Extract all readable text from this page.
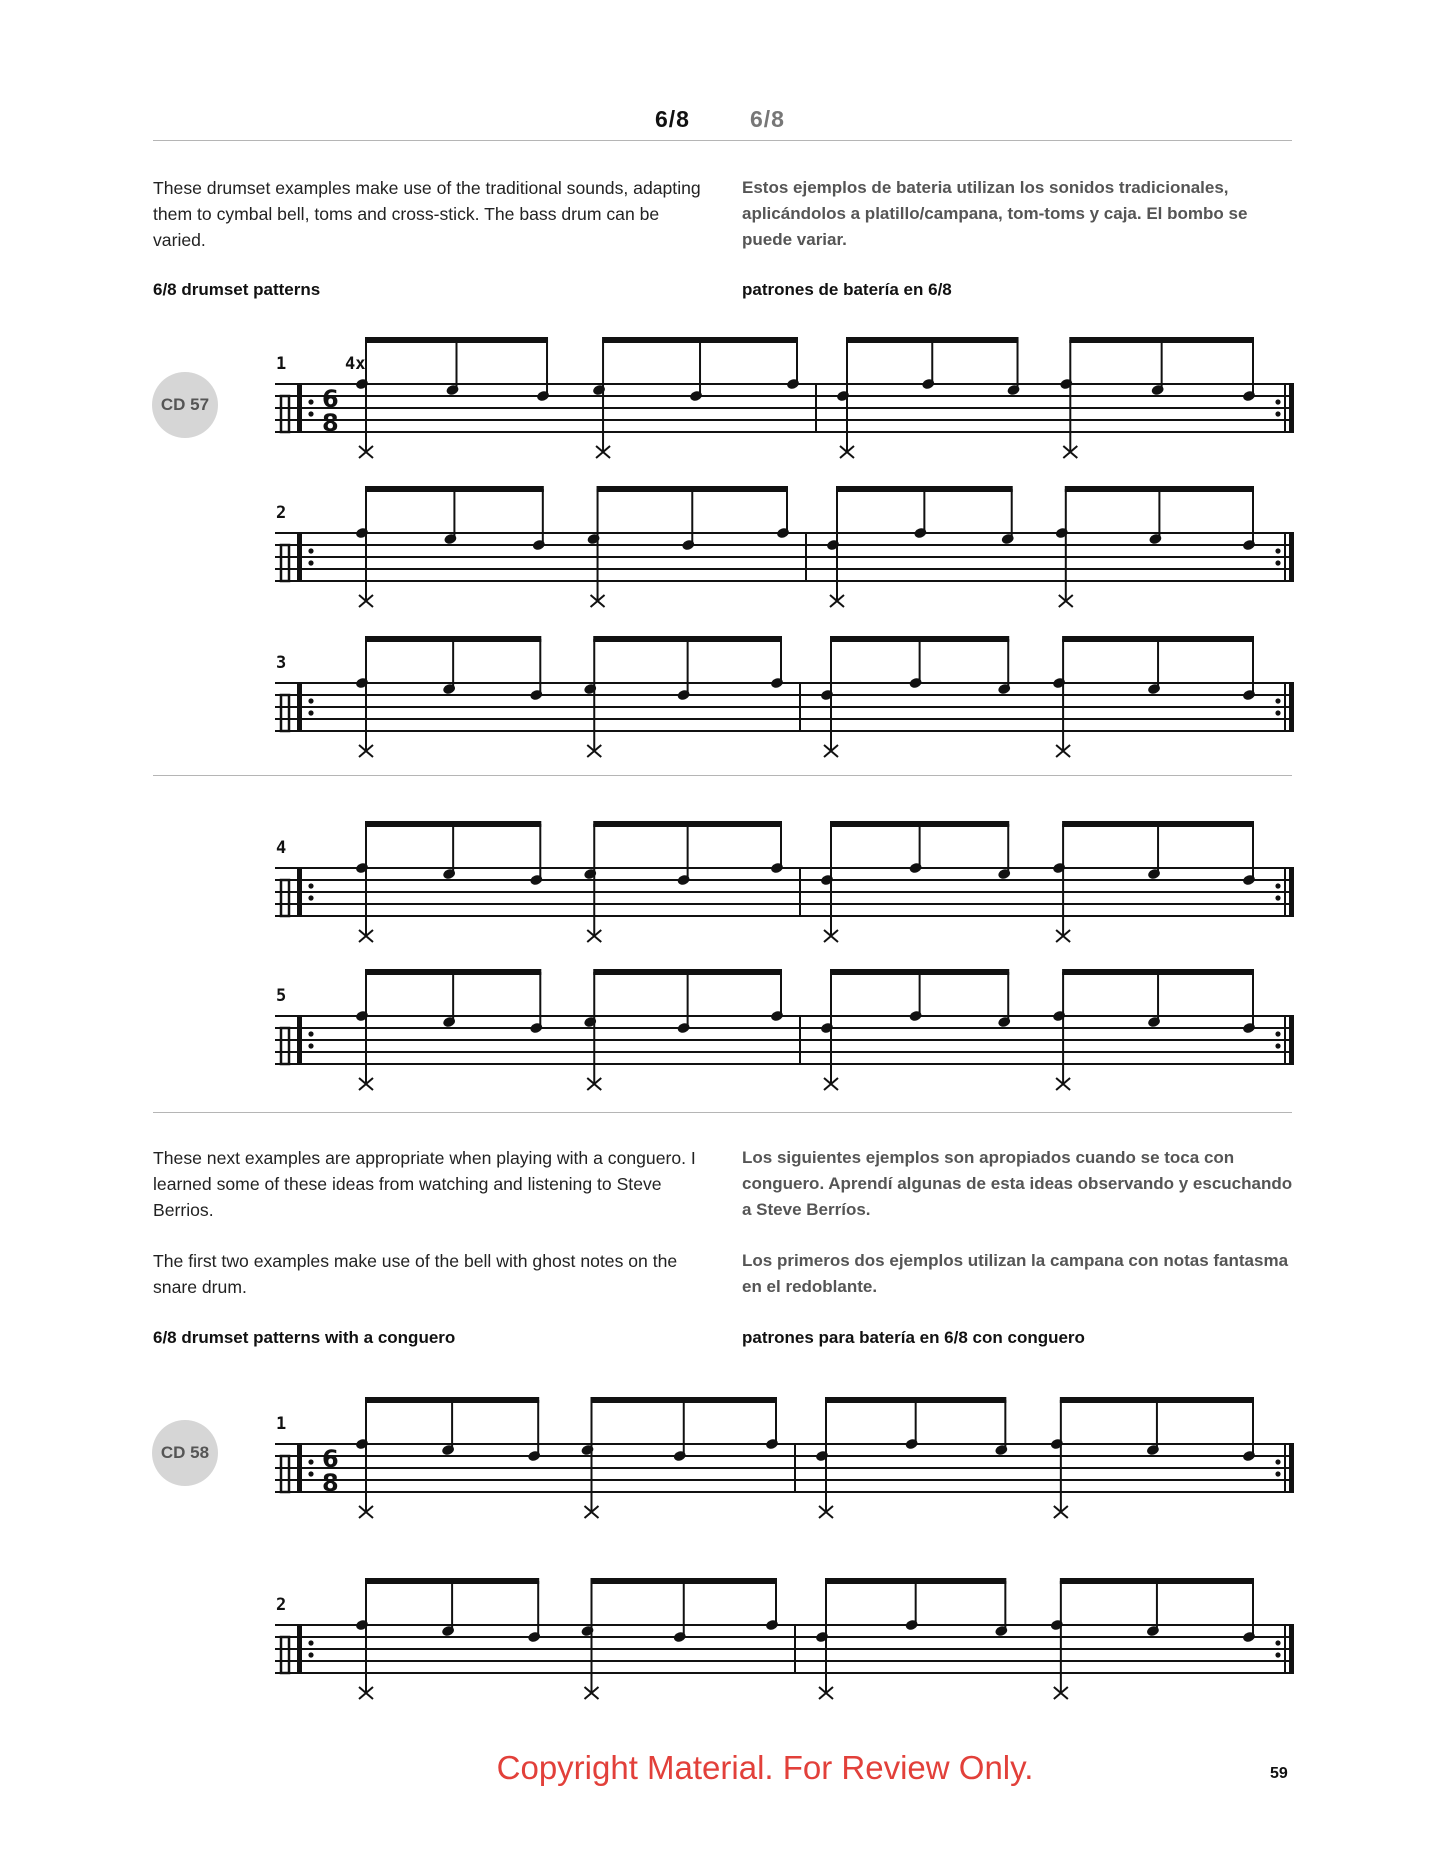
6/8	6/8
These drumset examples make use of the traditional sounds, adapting them to cymbal bell, toms and cross-stick. The bass drum can be varied.
Estos ejemplos de bateria utilizan los sonidos tradicionales, aplicándolos a platillo/campana, tom-toms y caja. El bombo se puede variar.
6/8 drumset patterns	patrones de batería en 6/8
CD 57	6
8
1
2
3
4
5
6
8
1
2
4x
These next examples are appropriate when playing with a conguero. I learned some of these ideas from watching and listening to Steve Berrios.
Los siguientes ejemplos son apropiados cuando se toca con conguero. Aprendí algunas de esta ideas observando y escuchando a Steve Berríos.
The first two examples make use of the bell with ghost notes on the snare drum.
Los primeros dos ejemplos utilizan la campana con notas fantasma en el redoblante.
6/8 drumset patterns with a conguero	patrones para batería en 6/8 con conguero
CD 58
Copyright Material. For Review Only.	59
